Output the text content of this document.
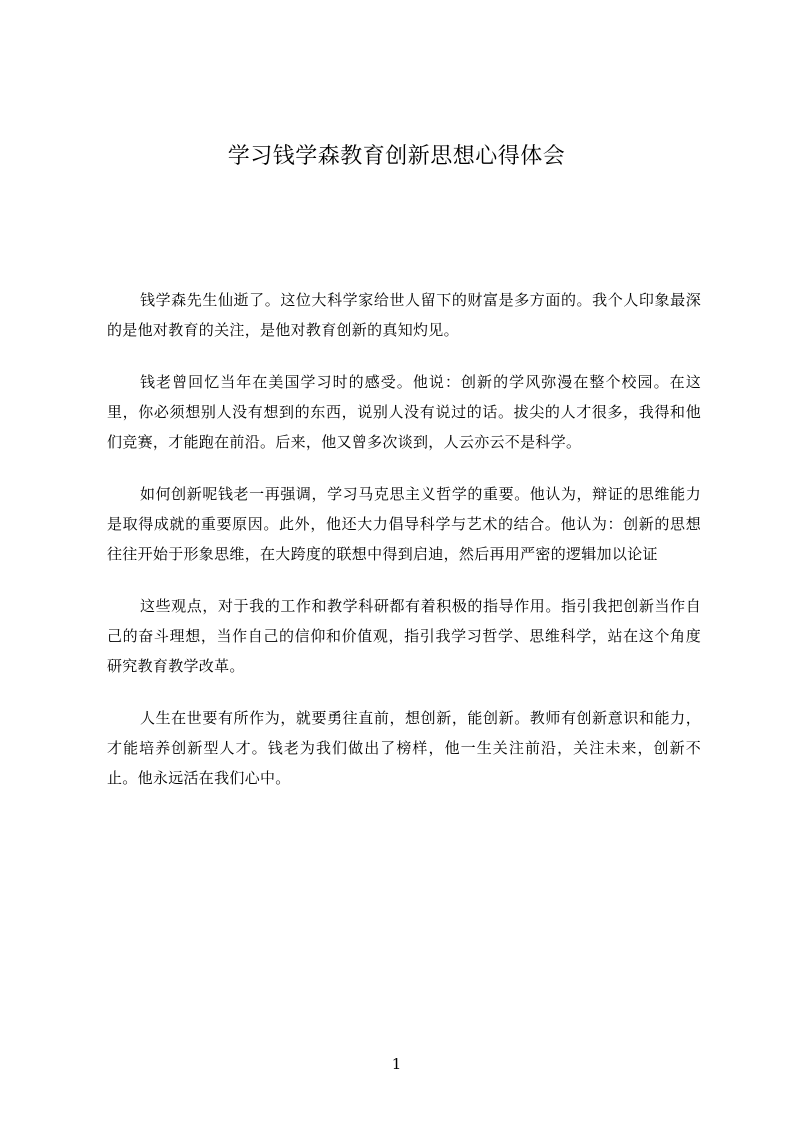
学习钱学森教育创新思想心得体会

钱学森先生仙逝了。这位大科学家给世人留下的财富是多方面的。我个人印象最深的是他对教育的关注，是他对教育创新的真知灼见。

钱老曾回忆当年在美国学习时的感受。他说：创新的学风弥漫在整个校园。在这里，你必须想别人没有想到的东西，说别人没有说过的话。拔尖的人才很多，我得和他们竞赛，才能跑在前沿。后来，他又曾多次谈到，人云亦云不是科学。

如何创新呢钱老一再强调，学习马克思主义哲学的重要。他认为，辩证的思维能力是取得成就的重要原因。此外，他还大力倡导科学与艺术的结合。他认为：创新的思想往往开始于形象思维，在大跨度的联想中得到启迪，然后再用严密的逻辑加以论证

这些观点，对于我的工作和教学科研都有着积极的指导作用。指引我把创新当作自己的奋斗理想，当作自己的信仰和价值观，指引我学习哲学、思维科学，站在这个角度研究教育教学改革。

人生在世要有所作为，就要勇往直前，想创新，能创新。教师有创新意识和能力，才能培养创新型人才。钱老为我们做出了榜样，他一生关注前沿，关注未来，创新不止。他永远活在我们心中。

1
